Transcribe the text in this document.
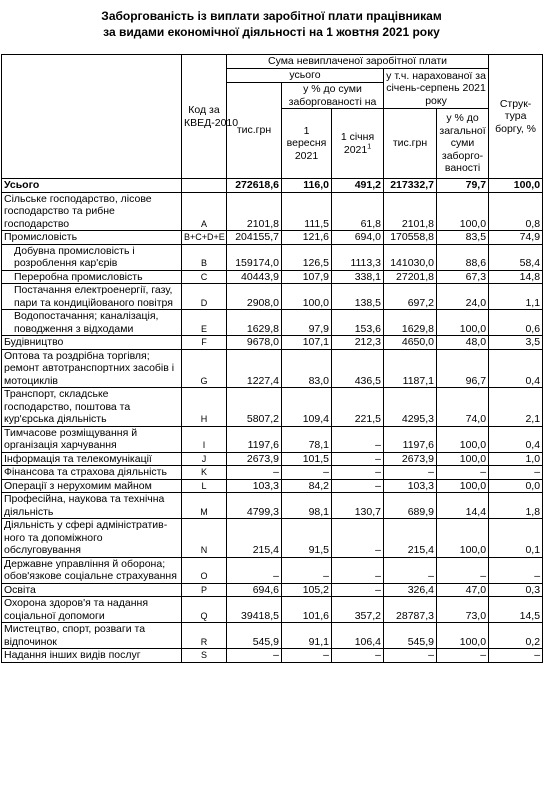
Заборгованість із виплати заробітної плати працівникам
за видами економічної діяльності на 1 жовтня 2021 року
	Код за КВЕД-2010	Сума невиплаченої заробітної плати					Струк-тура боргу, %
		усього			у т.ч. нарахованої за січень-серпень 2021 року		
		тис.грн	у % до суми заборгованості на				
			1 вересня 2021	1 січня 2021$^1$	тис.грн	у % до загальної суми заборго-ваності	
Усього		272618,6	116,0	491,2	217332,7	79,7	100,0
Сільське господарство, лісове господарство та рибне господарство	A	2101,8	111,5	61,8	2101,8	100,0	0,8
Промисловість	B+C+D+E	204155,7	121,6	694,0	170558,8	83,5	74,9
Добувна промисловість і розроблення кар'єрів	B	159174,0	126,5	1113,3	141030,0	88,6	58,4
Переробна промисловість	C	40443,9	107,9	338,1	27201,8	67,3	14,8
Постачання електроенергії, газу, пари та кондиційованого повітря	D	2908,0	100,0	138,5	697,2	24,0	1,1
Водопостачання; каналізація, поводження з відходами	E	1629,8	97,9	153,6	1629,8	100,0	0,6
Будівництво	F	9678,0	107,1	212,3	4650,0	48,0	3,5
Оптова та роздрібна торгівля; ремонт автотранспортних засобів і мотоциклів	G	1227,4	83,0	436,5	1187,1	96,7	0,4
Транспорт, складське господарство, поштова та кур'єрська діяльність	H	5807,2	109,4	221,5	4295,3	74,0	2,1
Тимчасове розміщування й організація харчування	I	1197,6	78,1	–	1197,6	100,0	0,4
Інформація та телекомунікації	J	2673,9	101,5	–	2673,9	100,0	1,0
Фінансова та страхова діяльність	K	–	–	–	–	–	–
Операції з нерухомим майном	L	103,3	84,2	–	103,3	100,0	0,0
Професійна, наукова та технічна діяльність	M	4799,3	98,1	130,7	689,9	14,4	1,8
Діяльність у сфері адміністратив-ного та допоміжного обслуговування	N	215,4	91,5	–	215,4	100,0	0,1
Державне управління й оборона; обов'язкове соціальне страхування	O	–	–	–	–	–	–
Освіта	P	694,6	105,2	–	326,4	47,0	0,3
Охорона здоров'я та надання соціальної допомоги	Q	39418,5	101,6	357,2	28787,3	73,0	14,5
Мистецтво, спорт, розваги та відпочинок	R	545,9	91,1	106,4	545,9	100,0	0,2
Надання інших видів послуг	S	–	–	–	–	–	–
